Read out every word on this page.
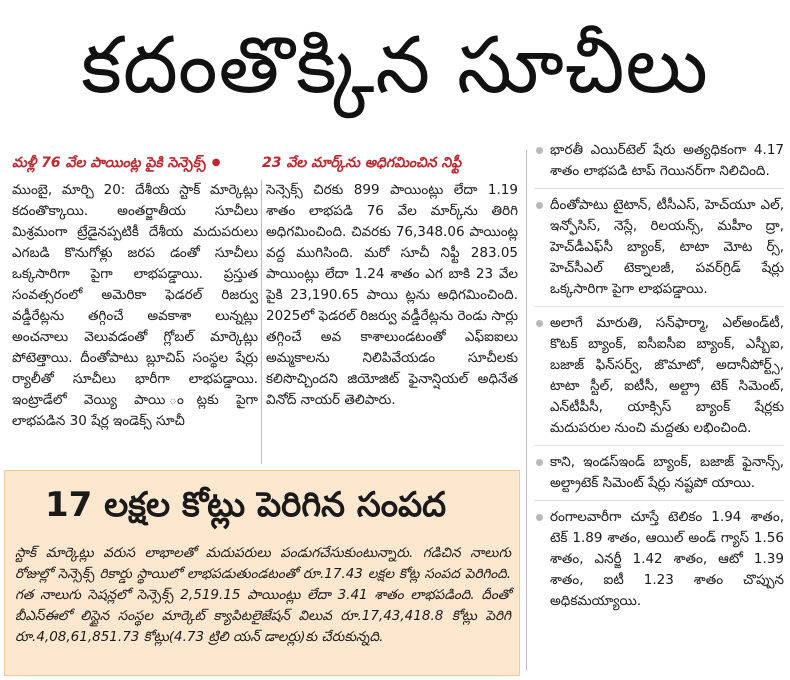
కదంతొక్కిన సూచీలు
మళ్లీ 76 వేల పాయింట్ల పైకి సెన్సెక్స్‌ ●	23 వేల మార్క్‌ను అధిగమించిన నిఫ్టీ
ముంబై, మార్చి 20: దేశీయ స్టాక్‌ మార్కెట్లు కదంతొక్కాయి. అంతర్జాతీయ సూచీలు మిశ్రమంగా ట్రేడైనప్పటికీ దేశీయ మదుపరులు ఎగబడి కొనుగోళ్లు జరప డంతో సూచీలు ఒక్కసారిగా పైగా లాభపడ్డాయి. ప్రస్తుత సంవత్సరంలో అమెరికా ఫెడరల్‌ రిజర్వు వడ్డీరేట్లను తగ్గించే అవకాశా లున్నట్లు అంచనాలు వెలువడంతో గ్లోబల్‌ మార్కెట్లు పోటెత్తాయి. దీంతోపాటు బ్లూచిప్‌ సంస్థల షేర్లు ర్యాలీతో సూచీలు భారీగా లాభపడ్డాయి. ఇంట్రాడేలో వెయ్యి పాయి ంట్లకు పైగా లాభపడిన 30 షేర్ల ఇండెక్స్‌ సూచీ
సెన్సెక్స్‌ చిరకు 899 పాయింట్లు లేదా 1.19 శాతం లాభపడి 76 వేల మార్క్‌ను తిరిగి అధిగమించింది. చివరకు 76,348.06 పాయింట్ల వద్ద ముగిసింది. మరో సూచీ నిఫ్టీ 283.05 పాయింట్లు లేదా 1.24 శాతం ఎగ బాకి 23 వేల పైకి 23,190.65 పాయి ట్లను అధిగమించింది. 2025లో ఫెడరల్‌ రిజర్వు వడ్డీరేట్లను రెండు సార్లు తగ్గించే అవ కాశాలుండటంతో ఎఫ్‌ఐఐలు అమ్మకాలను నిలిపివేయడం సూచీలకు కలిసొచ్చిందని జియోజిట్‌ ఫైనాన్షియల్‌ అధినేత వినోద్‌ నాయర్‌ తెలిపారు.
17 లక్షల కోట్లు పెరిగిన సంపద
స్టాక్‌ మార్కెట్లు వరుస లాభాలతో మదుపరులు పండుగచేసుకుంటున్నారు. గడిచిన నాలుగు రోజుల్లో సెన్సెక్స్‌ రికార్డు స్థాయిలో లాభపడుతుండటంతో రూ.17.43 లక్షల కోట్ల సంపద పెరిగింది. గత నాలుగు సెషన్లలో సెన్సెక్స్‌ 2,519.15 పాయింట్లు లేదా 3.41 శాతం లాభపడింది. దీంతో బీఎస్‌ఈలో లిస్టైన సంస్థల మార్కెట్‌ క్యాపిటలైజేషన్‌ విలువ రూ.17,43,418.8 కోట్లు పెరిగి రూ.4,08,61,851.73 కోట్లు(4.73 ట్రిలి యన్‌ డాలర్లు)కు చేరుకున్నది.
భారతీ ఎయిర్‌టెల్‌ షేరు అత్యధికంగా 4.17 శాతం లాభపడి టాప్‌ గెయినర్‌గా నిలిచింది.
దీంతోపాటు టైటాన్‌, టీసీఎస్‌, హెచ్‌యూ ఎల్‌, ఇన్ఫోసిస్‌, నెస్లే, రిలయన్స్‌, మహీం ద్రా, హెచ్‌డీఎఫ్‌సీ బ్యాంక్‌, టాటా మోట ర్స్‌, హెచ్‌సీఎల్‌ టెక్నాలజీ, పవర్‌గ్రిడ్‌ షేర్లు ఒక్కసారిగా పైగా లాభపడ్డాయి.
అలాగే మారుతి, సన్‌ఫార్మా, ఎల్‌అండ్‌టీ, కొటక్‌ బ్యాంక్‌, ఐసీఐసీఐ బ్యాంక్‌, ఎస్బీఐ, బజాజ్‌ ఫిన్‌సర్వ్‌, జొమాటో, అదానీపోర్ట్స్‌, టాటా స్టీల్‌, ఐటీసీ, అల్ట్రా టెక్‌ సిమెంట్‌, ఎన్‌టీపీసీ, యాక్సిస్‌ బ్యాంక్‌ షేర్లకు మదుపరుల నుంచి మద్దతు లభించింది.
కాని, ఇండస్‌ఇండ్‌ బ్యాంక్‌, బజాజ్‌ ఫైనాన్స్‌, అల్ట్రాటెక్‌ సిమెంట్‌ షేర్లు నష్టపో యాయి.
రంగాలవారీగా చూస్తే టెలికం 1.94 శాతం, టెక్‌ 1.89 శాతం, ఆయిల్‌ అండ్‌ గ్యాస్‌ 1.56 శాతం, ఎనర్జీ 1.42 శాతం, ఆటో 1.39 శాతం, ఐటీ 1.23 శాతం చొప్పున అధికమయ్యాయి.
